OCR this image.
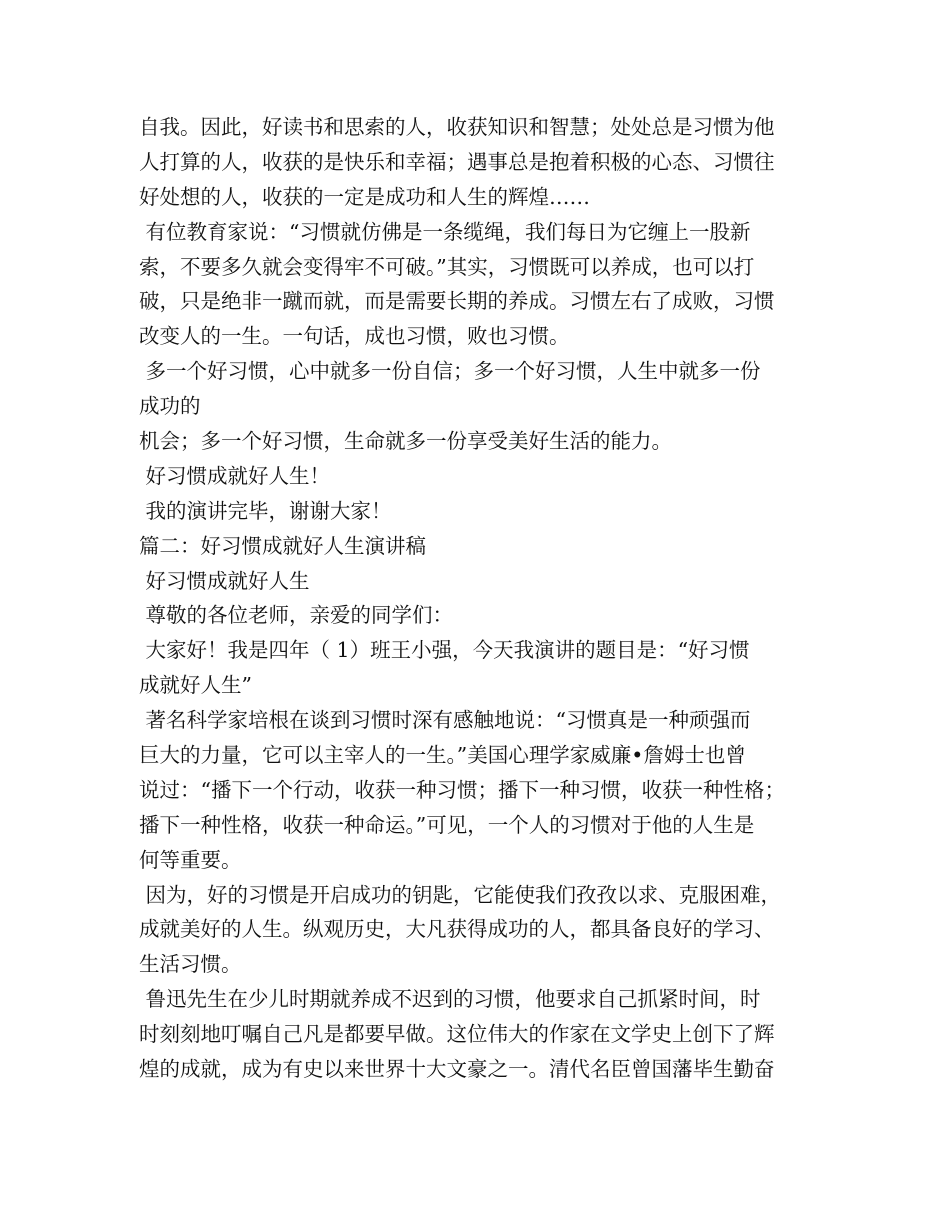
自我。因此，好读书和思索的人，收获知识和智慧；处处总是习惯为他
人打算的人，收获的是快乐和幸福；遇事总是抱着积极的心态、习惯往
好处想的人，收获的一定是成功和人生的辉煌……
有位教育家说：“习惯就仿佛是一条缆绳，我们每日为它缠上一股新
索，不要多久就会变得牢不可破。”其实，习惯既可以养成，也可以打
破，只是绝非一蹴而就，而是需要长期的养成。习惯左右了成败，习惯
改变人的一生。一句话，成也习惯，败也习惯。
多一个好习惯，心中就多一份自信；多一个好习惯，人生中就多一份
成功的
机会；多一个好习惯，生命就多一份享受美好生活的能力。
好习惯成就好人生！
我的演讲完毕，谢谢大家！
篇二：好习惯成就好人生演讲稿
好习惯成就好人生
尊敬的各位老师，亲爱的同学们：
大家好！我是四年（ 1）班王小强，今天我演讲的题目是：“好习惯
成就好人生”
著名科学家培根在谈到习惯时深有感触地说：“习惯真是一种顽强而
巨大的力量，它可以主宰人的一生。”美国心理学家威廉•詹姆士也曾
说过：“播下一个行动，收获一种习惯；播下一种习惯，收获一种性格；
播下一种性格，收获一种命运。”可见，一个人的习惯对于他的人生是
何等重要。
因为，好的习惯是开启成功的钥匙，它能使我们孜孜以求、克服困难，
成就美好的人生。纵观历史，大凡获得成功的人，都具备良好的学习、
生活习惯。
鲁迅先生在少儿时期就养成不迟到的习惯，他要求自己抓紧时间，时
时刻刻地叮嘱自己凡是都要早做。这位伟大的作家在文学史上创下了辉
煌的成就，成为有史以来世界十大文豪之一。清代名臣曾国藩毕生勤奋
